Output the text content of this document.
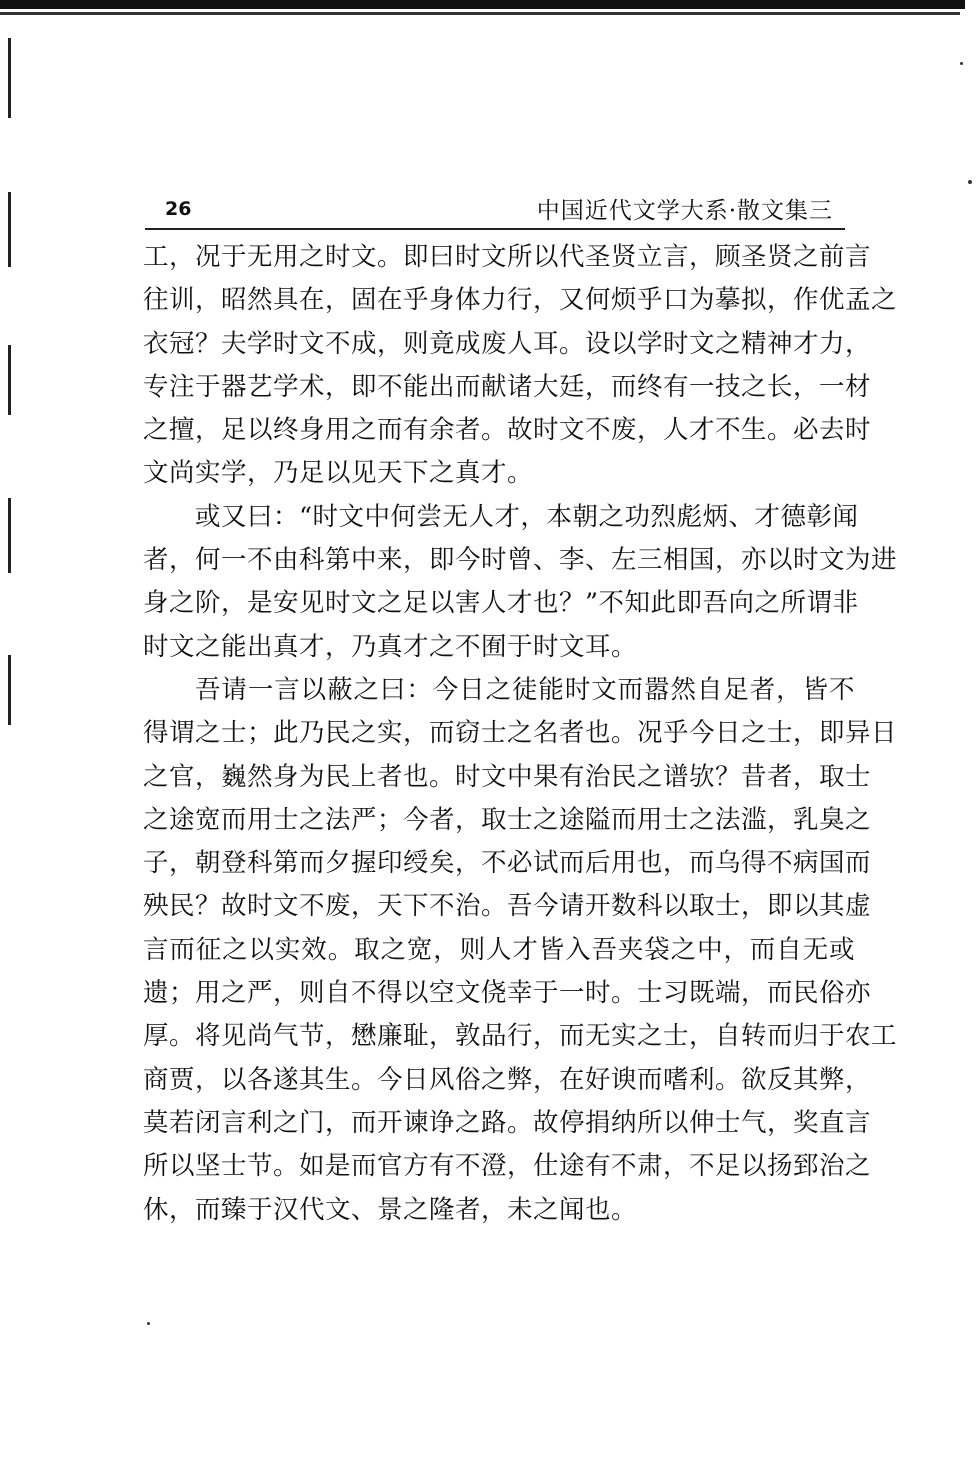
26	中国近代文学大系·散文集三
工，况于无用之时文。即曰时文所以代圣贤立言，顾圣贤之前言
往训，昭然具在，固在乎身体力行，又何烦乎口为摹拟，作优孟之
衣冠？夫学时文不成，则竟成废人耳。设以学时文之精神才力，
专注于器艺学术，即不能出而献诸大廷，而终有一技之长，一材
之擅，足以终身用之而有余者。故时文不废，人才不生。必去时
文尚实学，乃足以见天下之真才。
或又曰：“时文中何尝无人才，本朝之功烈彪炳、才德彰闻
者，何一不由科第中来，即今时曾、李、左三相国，亦以时文为进
身之阶，是安见时文之足以害人才也？”不知此即吾向之所谓非
时文之能出真才，乃真才之不囿于时文耳。
吾请一言以蔽之曰：今日之徒能时文而嚣然自足者，皆不
得谓之士；此乃民之实，而窃士之名者也。况乎今日之士，即异日
之官，巍然身为民上者也。时文中果有治民之谱欤？昔者，取士
之途宽而用士之法严；今者，取士之途隘而用士之法滥，乳臭之
子，朝登科第而夕握印绶矣，不必试而后用也，而乌得不病国而
殃民？故时文不废，天下不治。吾今请开数科以取士，即以其虚
言而征之以实效。取之宽，则人才皆入吾夹袋之中，而自无或
遗；用之严，则自不得以空文侥幸于一时。士习既端，而民俗亦
厚。将见尚气节，懋廉耻，敦品行，而无实之士，自转而归于农工
商贾，以各遂其生。今日风俗之弊，在好谀而嗜利。欲反其弊，
莫若闭言利之门，而开谏诤之路。故停捐纳所以伸士气，奖直言
所以坚士节。如是而官方有不澄，仕途有不肃，不足以扬郅治之
休，而臻于汉代文、景之隆者，未之闻也。
